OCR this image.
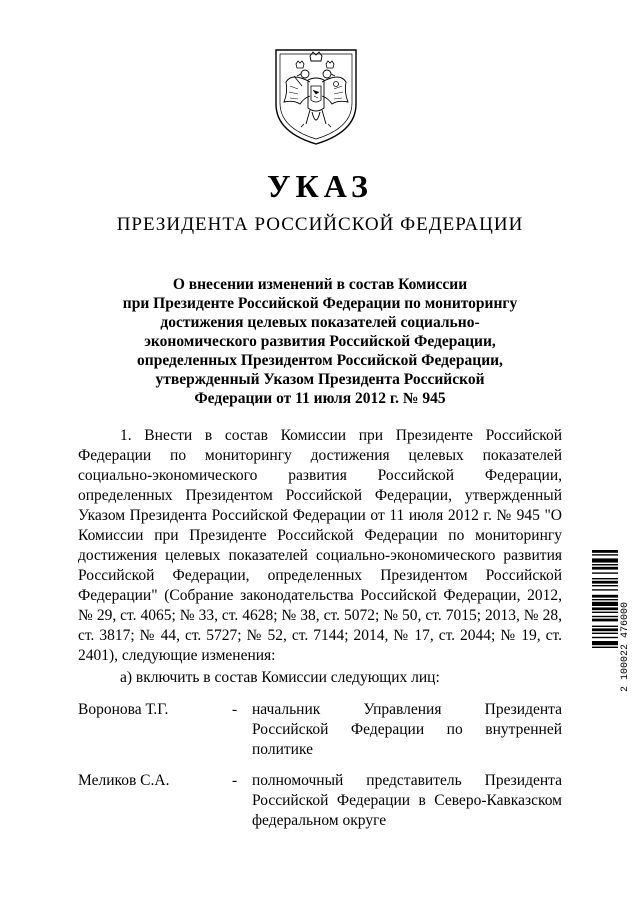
УКАЗ
ПРЕЗИДЕНТА РОССИЙСКОЙ ФЕДЕРАЦИИ
О внесении изменений в состав Комиссии
при Президенте Российской Федерации по мониторингу
достижения целевых показателей социально-
экономического развития Российской Федерации,
определенных Президентом Российской Федерации,
утвержденный Указом Президента Российской
Федерации от 11 июля 2012 г. № 945

1. Внести в состав Комиссии при Президенте Российской Федерации по мониторингу достижения целевых показателей социально-экономического развития Российской Федерации, определенных Президентом Российской Федерации, утвержденный Указом Президента Российской Федерации от 11 июля 2012 г. № 945 "О Комиссии при Президенте Российской Федерации по мониторингу достижения целевых показателей социально-экономического развития Российской Федерации, определенных Президентом Российской Федерации" (Собрание законодательства Российской Федерации, 2012, № 29, ст. 4065; № 33, ст. 4628; № 38, ст. 5072; № 50, ст. 7015; 2013, № 28, ст. 3817; № 44, ст. 5727; № 52, ст. 7144; 2014, № 17, ст. 2044; № 19, ст. 2401), следующие изменения:

а) включить в состав Комиссии следующих лиц:

Воронова Т.Г.	- начальник Управления Президента Российской Федерации по внутренней политике
Меликов С.А.	- полномочный представитель Президента Российской Федерации в Северо-Кавказском федеральном округе
2 100022 476000
